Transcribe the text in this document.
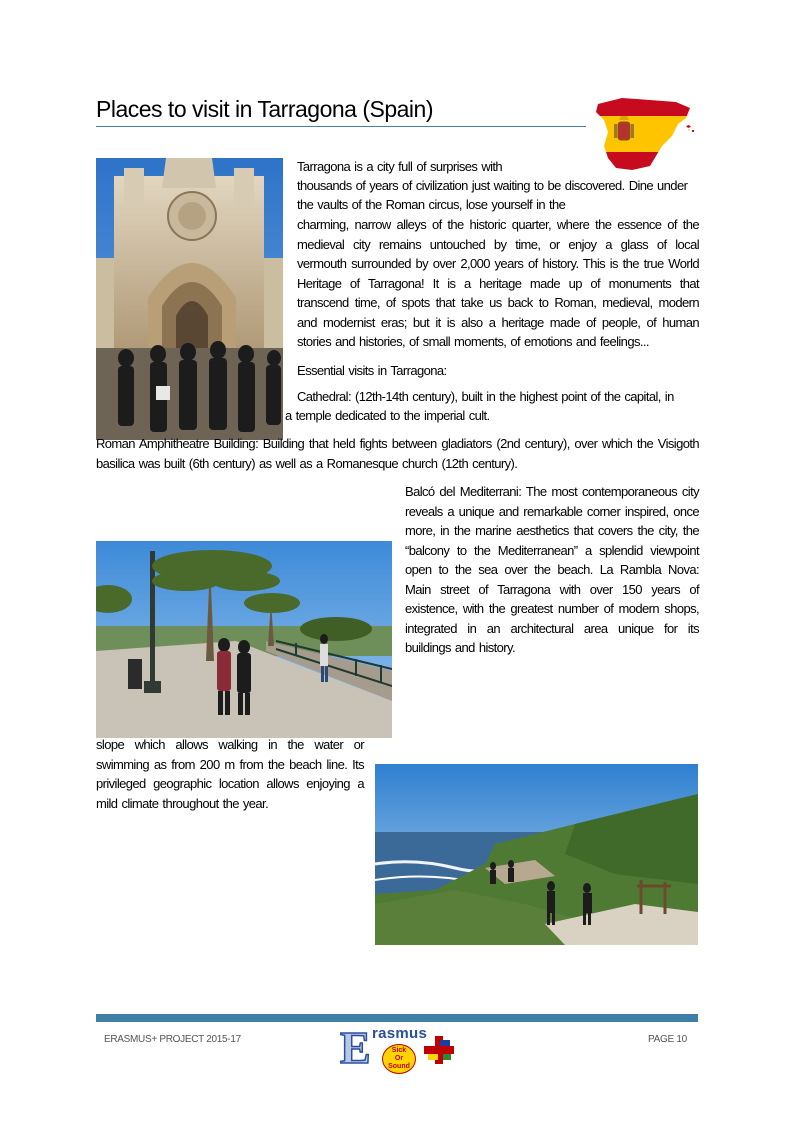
Places to visit in Tarragona (Spain)
Tarragona is a city full of surprises with
thousands of years of civilization just waiting to be discovered. Dine under
the vaults of the Roman circus, lose yourself in the
charming, narrow alleys of the historic quarter, where the essence of the medieval city remains untouched by time, or enjoy a glass of local vermouth surrounded by over 2,000 years of history. This is the true World Heritage of Tarragona! It is a heritage made up of monuments that transcend time, of spots that take us back to Roman, medieval, modern and modernist eras; but it is also a heritage made of people, of human stories and histories, of small moments, of emotions and feelings...
Essential visits in Tarragona:
Cathedral: (12th-14th century), built in the highest point of the capital, in
a temple dedicated to the imperial cult.
Roman Amphitheatre Building: Building that held fights between gladiators (2nd century), over which the Visigoth basilica was built (6th century) as well as a Romanesque church (12th century).
Balcó del Mediterrani: The most contemporaneous city reveals a unique and remarkable corner inspired, once more, in the marine aesthetics that covers the city, the “balcony to the Mediterranean” a splendid viewpoint open to the sea over the beach. La Rambla Nova: Main street of Tarragona with over 150 years of existence, with the greatest number of modern shops, integrated in an architectural area unique for its buildings and history.
slope which allows walking in the water or swimming as from 200 m from the beach line. Its privileged geographic location allows enjoying a mild climate throughout the year.
ERASMUS+ PROJECT 2015-17	PAGE 10
E rasmus
Sick
Or
Sound
